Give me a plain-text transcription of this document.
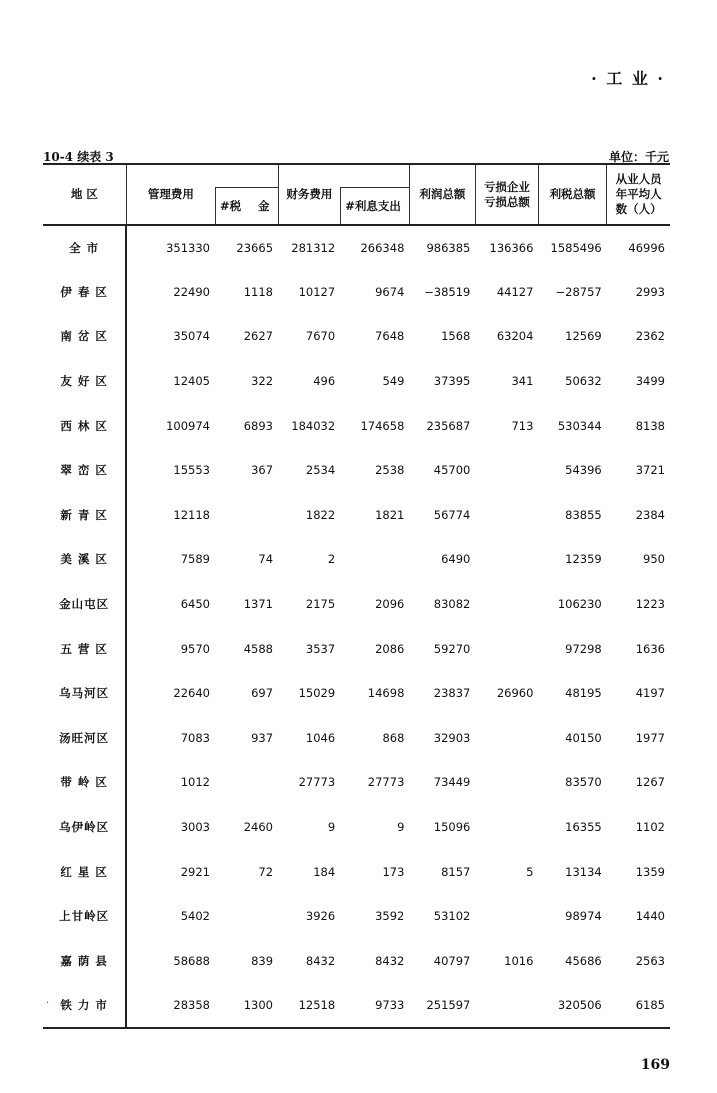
· 工 业 ·
10-4 续表 3	单位：千元
地 区	管理费用	#税 金	财务费用	#利息支出	利润总额	亏损企业亏损总额	利税总额	从业人员年平均人数（人）
全 市	351330	23665	281312	266348	986385	136366	1585496	46996
伊 春 区	22490	1118	10127	9674	−38519	44127	−28757	2993
南 岔 区	35074	2627	7670	7648	1568	63204	12569	2362
友 好 区	12405	322	496	549	37395	341	50632	3499
西 林 区	100974	6893	184032	174658	235687	713	530344	8138
翠 峦 区	15553	367	2534	2538	45700		54396	3721
新 青 区	12118		1822	1821	56774		83855	2384
美 溪 区	7589	74	2		6490		12359	950
金山屯区	6450	1371	2175	2096	83082		106230	1223
五 营 区	9570	4588	3537	2086	59270		97298	1636
乌马河区	22640	697	15029	14698	23837	26960	48195	4197
汤旺河区	7083	937	1046	868	32903		40150	1977
带 岭 区	1012		27773	27773	73449		83570	1267
乌伊岭区	3003	2460	9	9	15096		16355	1102
红 星 区	2921	72	184	173	8157	5	13134	1359
上甘岭区	5402		3926	3592	53102		98974	1440
嘉 荫 县	58688	839	8432	8432	40797	1016	45686	2563
铁 力 市	28358	1300	12518	9733	251597		320506	6185
·
169
